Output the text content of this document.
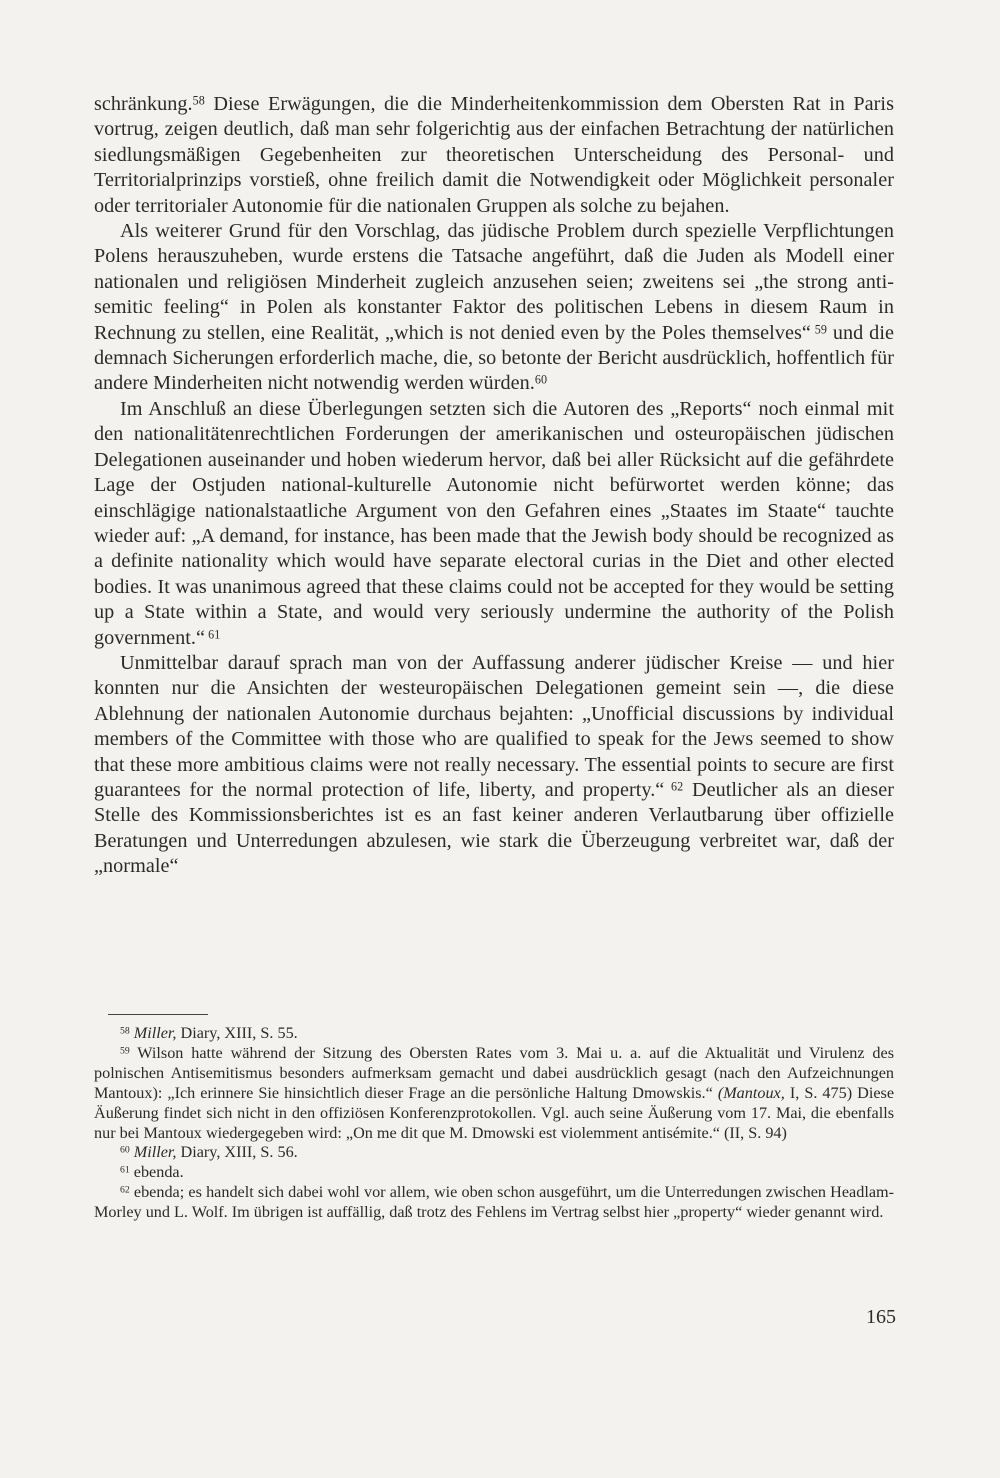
schränkung.$^{58}$ Diese Erwägungen, die die Minderheitenkommission dem Obersten Rat in Paris vortrug, zeigen deutlich, daß man sehr folgerichtig aus der einfachen Betrachtung der natürlichen siedlungsmäßigen Gegebenheiten zur theoretischen Unterscheidung des Personal- und Territorialprinzips vorstieß, ohne freilich damit die Notwendigkeit oder Möglichkeit personaler oder territorialer Autonomie für die nationalen Gruppen als solche zu bejahen.

Als weiterer Grund für den Vorschlag, das jüdische Problem durch spezielle Verpflichtungen Polens herauszuheben, wurde erstens die Tatsache angeführt, daß die Juden als Modell einer nationalen und religiösen Minderheit zugleich anzusehen seien; zweitens sei „the strong anti-semitic feeling“ in Polen als konstanter Faktor des politischen Lebens in diesem Raum in Rechnung zu stellen, eine Realität, „which is not denied even by the Poles themselves“ $^{59}$ und die demnach Sicherungen erforderlich mache, die, so betonte der Bericht ausdrücklich, hoffentlich für andere Minderheiten nicht notwendig werden würden.$^{60}$

Im Anschluß an diese Überlegungen setzten sich die Autoren des „Reports“ noch einmal mit den nationalitätenrechtlichen Forderungen der amerikanischen und osteuropäischen jüdischen Delegationen auseinander und hoben wiederum hervor, daß bei aller Rücksicht auf die gefährdete Lage der Ostjuden national-kulturelle Autonomie nicht befürwortet werden könne; das einschlägige nationalstaatliche Argument von den Gefahren eines „Staates im Staate“ tauchte wieder auf: „A demand, for instance, has been made that the Jewish body should be recognized as a definite nationality which would have separate electoral curias in the Diet and other elected bodies. It was unanimous agreed that these claims could not be accepted for they would be setting up a State within a State, and would very seriously undermine the authority of the Polish government.“ $^{61}$

Unmittelbar darauf sprach man von der Auffassung anderer jüdischer Kreise — und hier konnten nur die Ansichten der westeuropäischen Delegationen gemeint sein —, die diese Ablehnung der nationalen Autonomie durchaus bejahten: „Unofficial discussions by individual members of the Committee with those who are qualified to speak for the Jews seemed to show that these more ambitious claims were not really necessary. The essential points to secure are first guarantees for the normal protection of life, liberty, and property.“ $^{62}$ Deutlicher als an dieser Stelle des Kommissionsberichtes ist es an fast keiner anderen Verlautbarung über offizielle Beratungen und Unterredungen abzulesen, wie stark die Überzeugung verbreitet war, daß der „normale“

$^{58}$ Miller, Diary, XIII, S. 55.

$^{59}$ Wilson hatte während der Sitzung des Obersten Rates vom 3. Mai u. a. auf die Aktualität und Virulenz des polnischen Antisemitismus besonders aufmerksam gemacht und dabei ausdrücklich gesagt (nach den Aufzeichnungen Mantoux): „Ich erinnere Sie hinsichtlich dieser Frage an die persönliche Haltung Dmowskis.“ (Mantoux, I, S. 475) Diese Äußerung findet sich nicht in den offiziösen Konferenzprotokollen. Vgl. auch seine Äußerung vom 17. Mai, die ebenfalls nur bei Mantoux wiedergegeben wird: „On me dit que M. Dmowski est violemment antisémite.“ (II, S. 94)

$^{60}$ Miller, Diary, XIII, S. 56.

$^{61}$ ebenda.

$^{62}$ ebenda; es handelt sich dabei wohl vor allem, wie oben schon ausgeführt, um die Unterredungen zwischen Headlam-Morley und L. Wolf. Im übrigen ist auffällig, daß trotz des Fehlens im Vertrag selbst hier „property“ wieder genannt wird.

165
